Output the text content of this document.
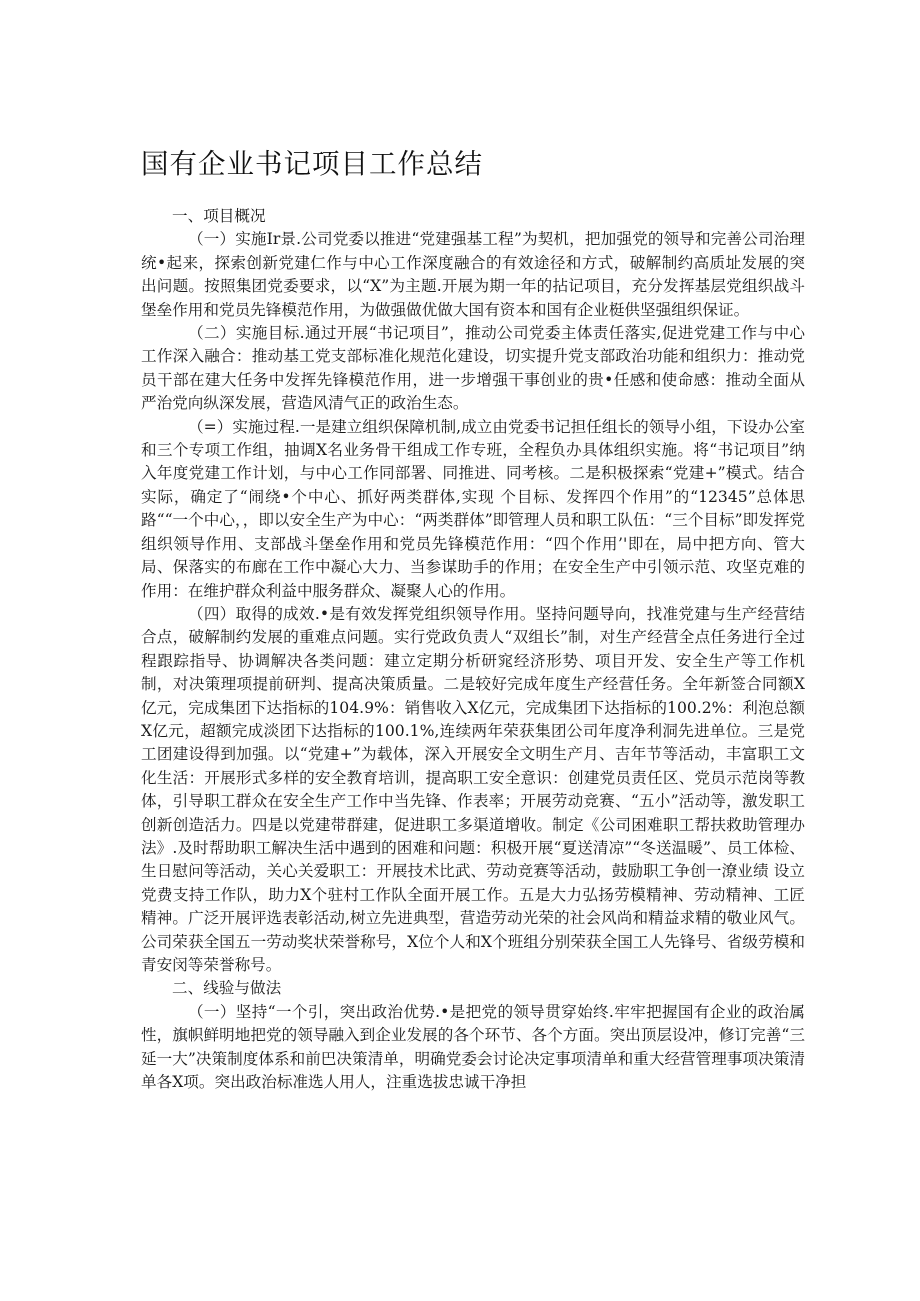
国有企业书记项目工作总结

一、项目概况

（一）实施Ir景.公司党委以推进“党建强基工程”为契机，把加强党的领导和完善公司治理统•起来，探索创新党建仁作与中心工作深度融合的有效途径和方式，破解制约高质址发展的突出问题。按照集团党委要求，以“X”为主题.开展为期一年的拈记项目，充分发挥基层党组织战斗堡垒作用和党员先锋模范作用，为做强做优做大国有资本和国有企业梃供坚强组织保证。

（二）实施目标.通过开展“书记项目”，推动公司党委主体责任落实,促进党建工作与中心工作深入融合：推动基工党支部标准化规范化建设，切实提升党支部政治功能和组织力：推动党员干部在建大任务中发挥先锋模范作用，进一步增强干事创业的贵•任感和使命感：推动全面从严治党向纵深发展，营造风清气正的政治生态。

（=）实施过程.一是建立组织保障机制,成立由党委书记担任组长的领导小组，下设办公室和三个专项工作组，抽调X名业务骨干组成工作专班，全程负办具体组织实施。将“书记项目”纳入年度党建工作计划，与中心工作同部署、同推进、同考核。二是积极探索“党建+”模式。结合实际，确定了“闹绕•个中心、抓好两类群体,实现 个目标、发挥四个作用”的“12345”总体思路““一个中心，，即以安全生产为中心：“两类群体”即管理人员和职工队伍：“三个目标”即发挥党组织领导作用、支部战斗堡垒作用和党员先锋模范作用：“四个作用’'即在，局中把方向、管大局、保落实的布廊在工作中凝心大力、当参谋助手的作用；在安全生产中引领示范、攻坚克难的作用：在维护群众利益中服务群众、凝聚人心的作用。

（四）取得的成效.•是有效发挥党组织领导作用。坚持问题导向，找准党建与生产经营结合点，破解制约发展的重难点问题。实行党政负责人“双组长”制，对生产经营全点任务进行全过程跟踪指导、协调解决各类问题：建立定期分析研窕经济形势、项目开发、安全生产等工作机制，对决策理项提前研判、提高决策质量。二是较好完成年度生产经营任务。全年新签合同额X亿元，完成集团下达指标的104.9%：销售收入X亿元，完成集团下达指标的100.2%：利泡总额X亿元，超额完成淡团下达指标的100.1%,连续两年荣获集团公司年度净利洞先进单位。三是党工团建设得到加强。以“党建+”为载体，深入开展安全文明生产月、吉年节等活动，丰富职工文化生活：开展形式多样的安全教育培训，提高职工安全意识：创建党员责任区、党员示范岗等教体，引导职工群众在安全生产工作中当先锋、作表率；开展劳动竞赛、“五小”活动等，激发职工创新创造活力。四是以党建带群建，促进职工多渠道增收。制定《公司困难职工帮扶救助管理办法》.及时帮助职工解决生活中遇到的困难和问题：积极开展“夏送清凉”“冬送温暖”、员工体检、生日慰问等活动，关心关爱职工：开展技术比武、劳动竞赛等活动，鼓励职工争创一潦业绩 设立党费支持工作队，助力X个驻村工作队全面开展工作。五是大力弘扬劳模精神、劳动精神、工匠精神。广泛开展评选表彰活动,树立先进典型，营造劳动光荣的社会风尚和精益求精的敬业风气。公司荣获全国五一劳动奖状荣誉称号，X位个人和X个班组分别荣获全国工人先锋号、省级劳模和青安闵等荣誉称号。

二、线验与做法

（一）坚持“一个引，突出政治优势.•是把党的领导贯穿始终.牢牢把握国有企业的政治属性，旗帜鲜明地把党的领导融入到企业发展的各个环节、各个方面。突出顶层设冲，修订完善“三延一大”决策制度体系和前巴决策清单，明确党委会讨论决定事项清单和重大经营管理事项决策清单各X项。突出政治标准选人用人，注重选拔忠诚干净担
